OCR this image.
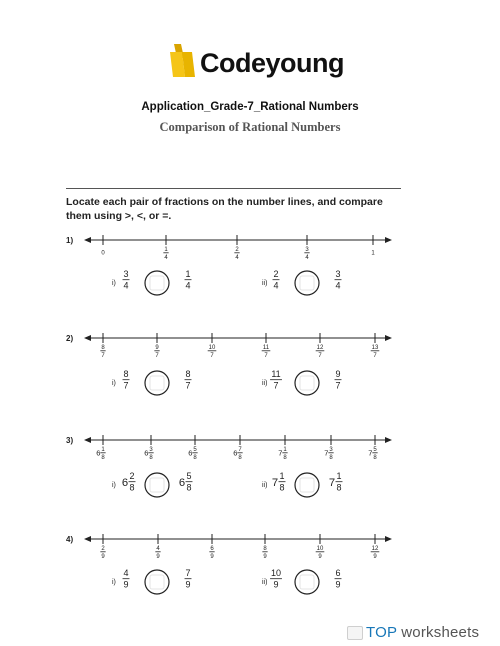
Codeyoung
Application_Grade-7_Rational Numbers
Comparison of Rational Numbers
Locate each pair of fractions on the number lines, and compare them using >, <, or =.
1)
0
1
4
2
4
3
4
1
i)
3
4
1
4	ii)
2
4
3
4
2)
8
7
9
7
10
7
11
7
12
7
13
7
i)
8
7
8
7	ii)
11
7
9
7
3)
6 1
8
6 3
8
6 5
8
6 7
8
7 1
8
7 3
8
7 5
8
i) 6
2
8	6
5
8	ii) 7
1
8	7
1
8
4)
2
9
4
9
6
9
8
9
10
9
12
9
i)
4
9
7
9	ii)
10
9
6
9
TOP worksheets
